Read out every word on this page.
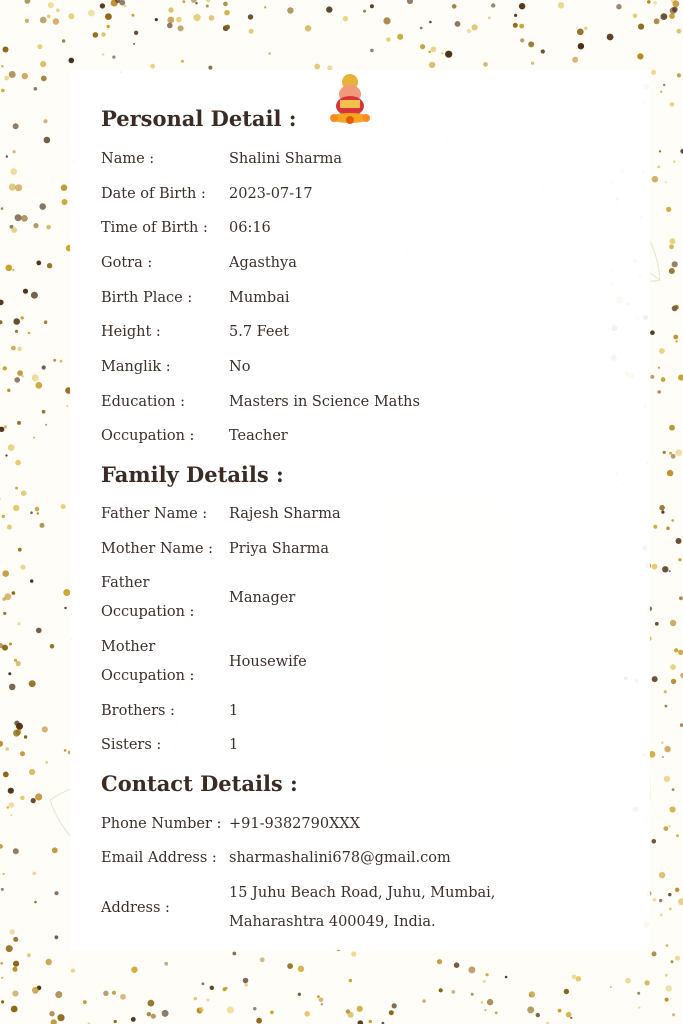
Personal Detail :
Name :	Shalini Sharma
Date of Birth :	2023-07-17
Time of Birth :	06:16
Gotra :	Agasthya
Birth Place :	Mumbai
Height :	5.7 Feet
Manglik :	No
Education :	Masters in Science Maths
Occupation :	Teacher
Family Details :
Father Name :	Rajesh Sharma
Mother Name :	Priya Sharma
Father Occupation :
Manager
Mother Occupation :
Housewife
Brothers :	1
Sisters :	1
Contact Details :
Phone Number : +91-9382790XXX
Email Address : sharmashalini678@gmail.com
Address :
15 Juhu Beach Road, Juhu, Mumbai, Maharashtra 400049, India.
